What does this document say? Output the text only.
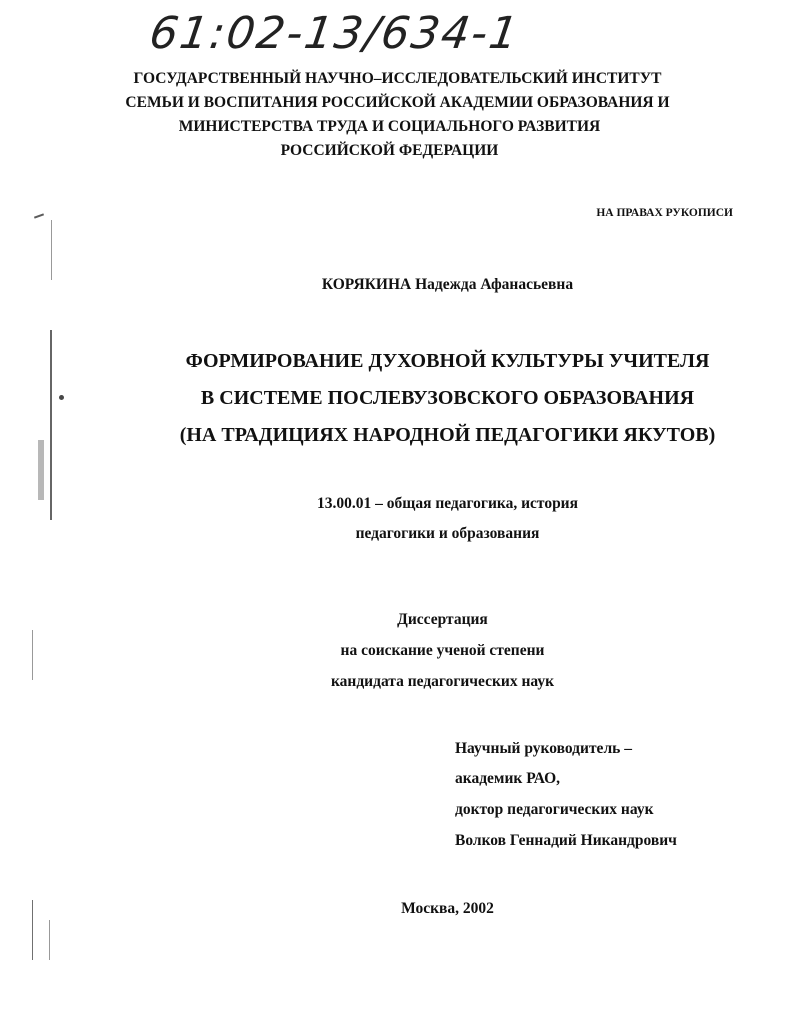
61:02-13/634-1
ГОСУДАРСТВЕННЫЙ НАУЧНО–ИССЛЕДОВАТЕЛЬСКИЙ ИНСТИТУТ
СЕМЬИ И ВОСПИТАНИЯ РОССИЙСКОЙ АКАДЕМИИ ОБРАЗОВАНИЯ И
МИНИСТЕРСТВА ТРУДА И СОЦИАЛЬНОГО РАЗВИТИЯ
РОССИЙСКОЙ ФЕДЕРАЦИИ
НА ПРАВАХ РУКОПИСИ
КОРЯКИНА Надежда Афанасьевна
ФОРМИРОВАНИЕ ДУХОВНОЙ КУЛЬТУРЫ УЧИТЕЛЯ
В СИСТЕМЕ ПОСЛЕВУЗОВСКОГО ОБРАЗОВАНИЯ
(НА ТРАДИЦИЯХ НАРОДНОЙ ПЕДАГОГИКИ ЯКУТОВ)
13.00.01 – общая педагогика, история
педагогики и образования
Диссертация
на соискание ученой степени
кандидата педагогических наук
Научный руководитель –
академик РАО,
доктор педагогических наук
Волков Геннадий Никандрович
Москва, 2002
